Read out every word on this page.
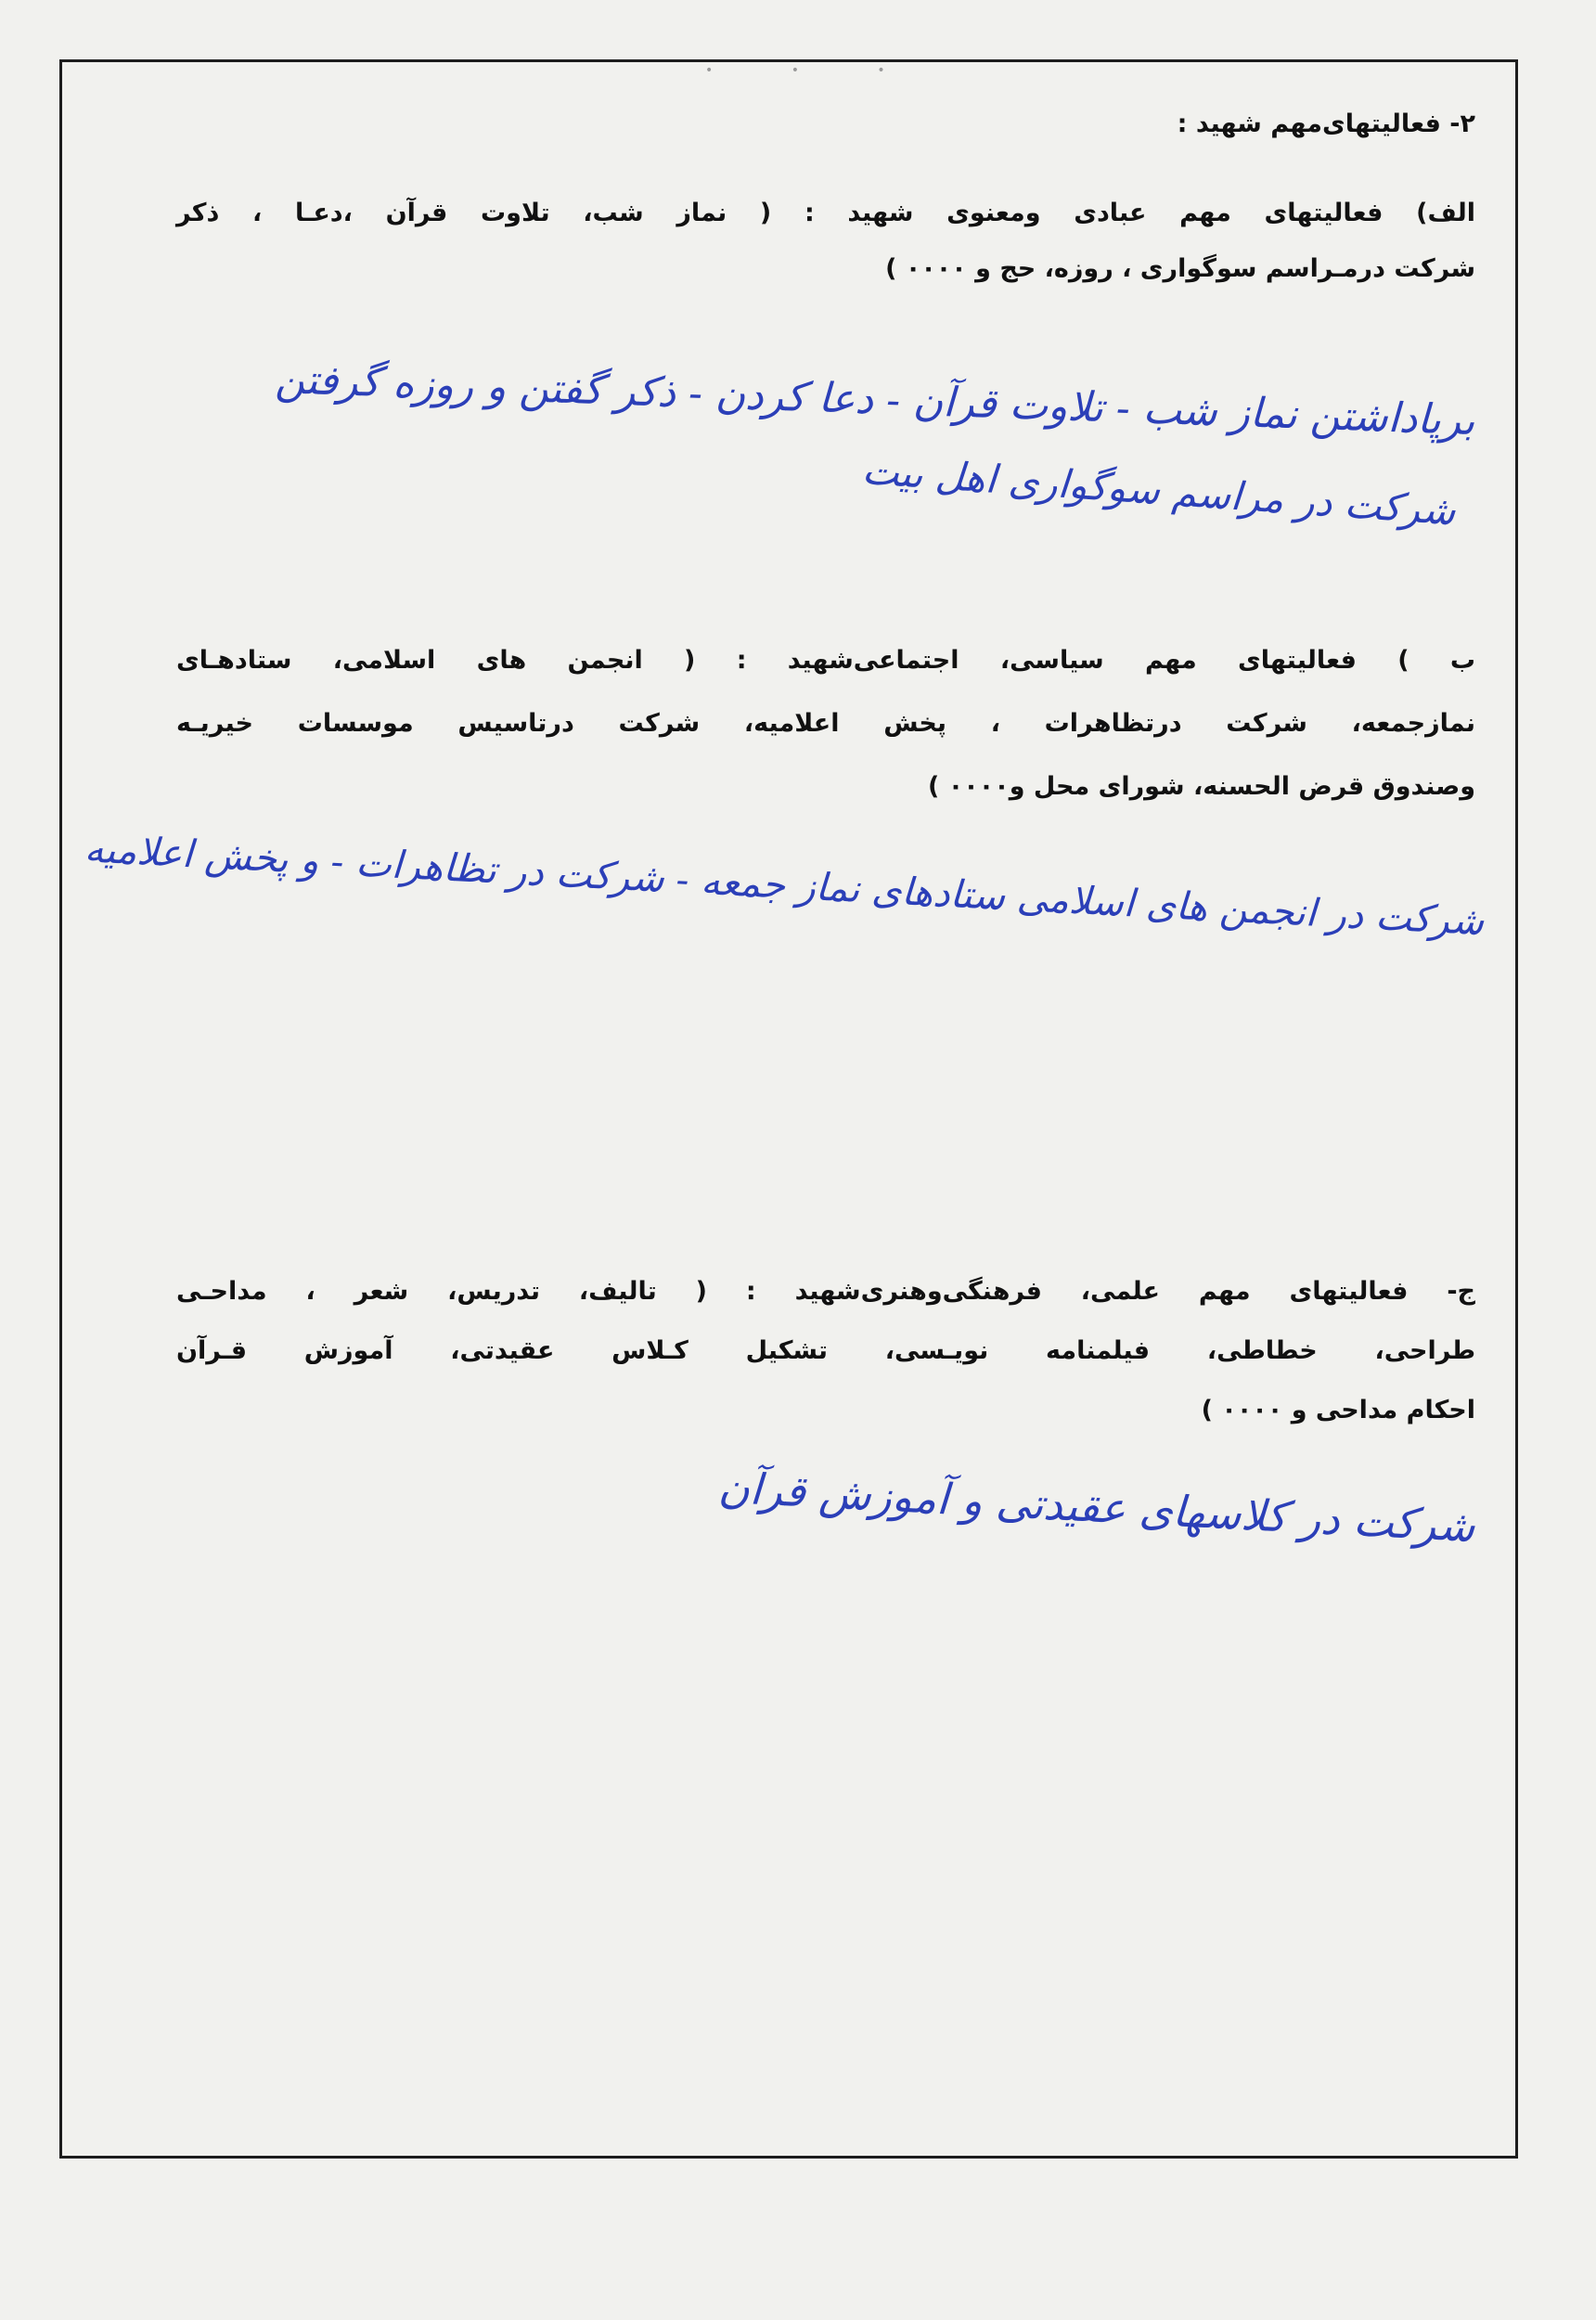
• • •

۲- فعالیتهای‌مهم شهید :

الف) فعالیتهای مهم عبادی ومعنوی شهید : ( نماز شب، تلاوت قرآن ،دعـا ، ذکر

شرکت درمـراسم سوگواری ، روزه، حج و ۰۰۰۰ )

برپاداشتن نماز شب - تلاوت قرآن - دعا کردن - ذکر گفتن و روزه گرفتن

شرکت در مراسم سوگواری اهل بیت

ب ) فعالیتهای مهم سیاسی، اجتماعی‌شهید : ( انجمن های اسلامی، ستادهـای

نمازجمعه، شرکت درتظاهرات ، پخش اعلامیه، شرکت درتاسیس موسسات خیریـه

وصندوق قرض الحسنه، شورای محل و۰۰۰۰ )

شرکت در انجمن های اسلامی ستادهای نماز جمعه - شرکت در تظاهرات - و پخش اعلامیه

ج- فعالیتهای مهم علمی، فرهنگی‌وهنری‌شهید : ( تالیف، تدریس، شعر ، مداحـی

طراحی، خطاطی، فیلمنامه نویـسی، تشکیل کـلاس عقیدتی، آموزش قـرآن

احکام مداحی و ۰۰۰۰ )

شرکت در کلاسهای عقیدتی و آموزش قرآن
